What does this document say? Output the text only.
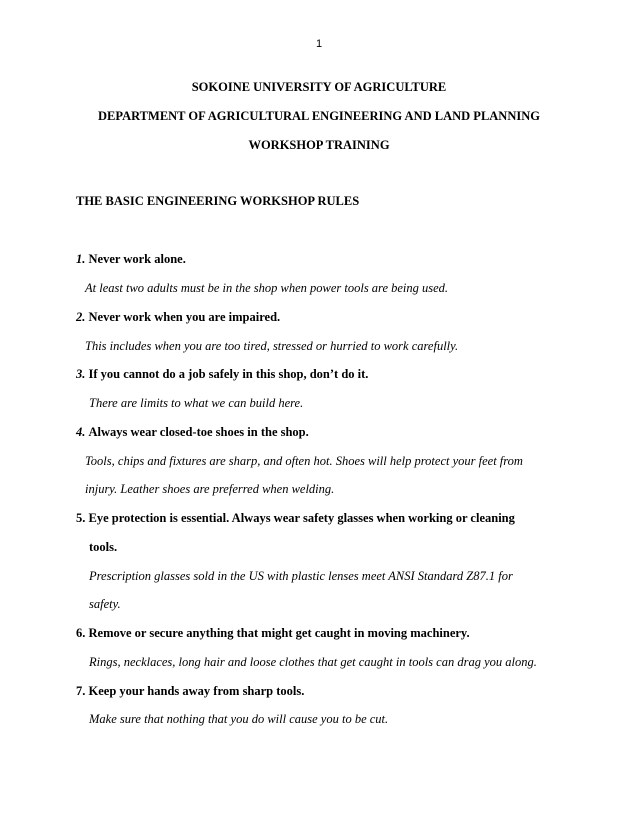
1
SOKOINE UNIVERSITY OF AGRICULTURE
DEPARTMENT OF AGRICULTURAL ENGINEERING AND LAND PLANNING
WORKSHOP TRAINING
THE BASIC ENGINEERING WORKSHOP RULES
1. Never work alone.
At least two adults must be in the shop when power tools are being used.
2. Never work when you are impaired.
This includes when you are too tired, stressed or hurried to work carefully.
3. If you cannot do a job safely in this shop, don’t do it.
There are limits to what we can build here.
4. Always wear closed-toe shoes in the shop.
Tools, chips and fixtures are sharp, and often hot. Shoes will help protect your feet from
injury. Leather shoes are preferred when welding.
5. Eye protection is essential. Always wear safety glasses when working or cleaning
tools.
Prescription glasses sold in the US with plastic lenses meet ANSI Standard Z87.1 for
safety.
6. Remove or secure anything that might get caught in moving machinery.
Rings, necklaces, long hair and loose clothes that get caught in tools can drag you along.
7. Keep your hands away from sharp tools.
Make sure that nothing that you do will cause you to be cut.
